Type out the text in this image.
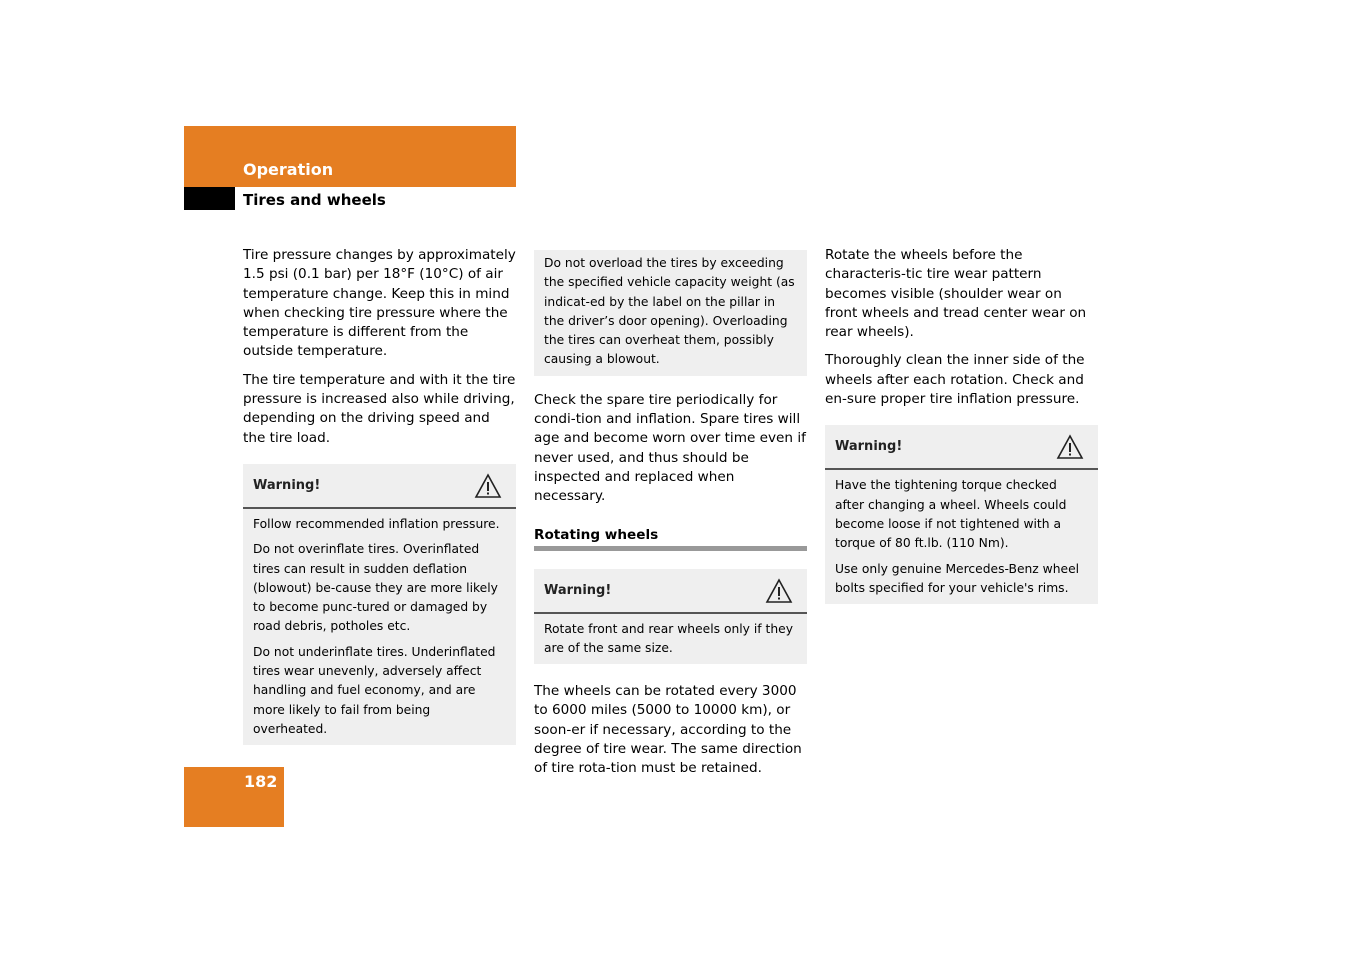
Operation
Tires and wheels

Tire pressure changes by approximately 1.5 psi (0.1 bar) per 18°F (10°C) of air temperature change. Keep this in mind when checking tire pressure where the temperature is different from the outside temperature.

The tire temperature and with it the tire pressure is increased also while driving, depending on the driving speed and the tire load.

Warning!

Follow recommended inflation pressure.

Do not overinflate tires. Overinflated tires can result in sudden deflation (blowout) be-cause they are more likely to become punc-tured or damaged by road debris, potholes etc.

Do not underinflate tires. Underinflated tires wear unevenly, adversely affect handling and fuel economy, and are more likely to fail from being overheated.

Do not overload the tires by exceeding the specified vehicle capacity weight (as indicat-ed by the label on the pillar in the driver’s door opening). Overloading the tires can overheat them, possibly causing a blowout.

Check the spare tire periodically for condi-tion and inflation. Spare tires will age and become worn over time even if never used, and thus should be inspected and replaced when necessary.

Rotating wheels
Warning!

Rotate front and rear wheels only if they are of the same size.

The wheels can be rotated every 3000 to 6000 miles (5000 to 10000 km), or soon-er if necessary, according to the degree of tire wear. The same direction of tire rota-tion must be retained.

Rotate the wheels before the characteris-tic tire wear pattern becomes visible (shoulder wear on front wheels and tread center wear on rear wheels).

Thoroughly clean the inner side of the wheels after each rotation. Check and en-sure proper tire inflation pressure.

Warning!

Have the tightening torque checked after changing a wheel. Wheels could become loose if not tightened with a torque of 80 ft.lb. (110 Nm).

Use only genuine Mercedes-Benz wheel bolts specified for your vehicle's rims.

182
